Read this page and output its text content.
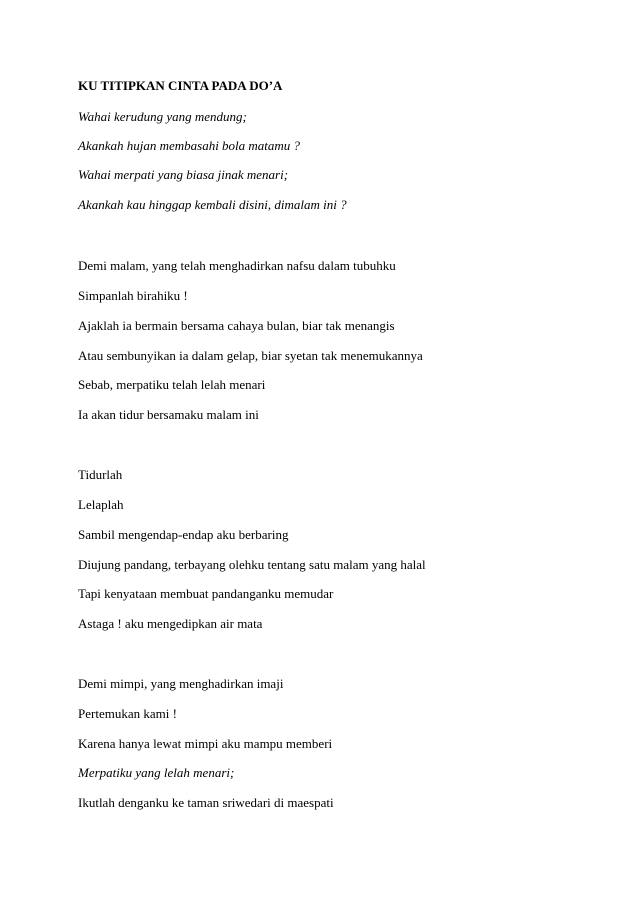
KU TITIPKAN CINTA PADA DO’A
Wahai kerudung yang mendung;
Akankah hujan membasahi bola matamu ?
Wahai merpati yang biasa jinak menari;
Akankah kau hinggap kembali disini, dimalam ini ?
Demi malam, yang telah menghadirkan nafsu dalam tubuhku
Simpanlah birahiku !
Ajaklah ia bermain bersama cahaya bulan, biar tak menangis
Atau sembunyikan ia dalam gelap, biar syetan tak menemukannya
Sebab, merpatiku telah lelah menari
Ia akan tidur bersamaku malam ini
Tidurlah
Lelaplah
Sambil mengendap-endap aku berbaring
Diujung pandang, terbayang olehku tentang satu malam yang halal
Tapi kenyataan membuat pandanganku memudar
Astaga ! aku mengedipkan air mata
Demi mimpi, yang menghadirkan imaji
Pertemukan kami !
Karena hanya lewat mimpi aku mampu memberi
Merpatiku yang lelah menari;
Ikutlah denganku ke taman sriwedari di maespati
